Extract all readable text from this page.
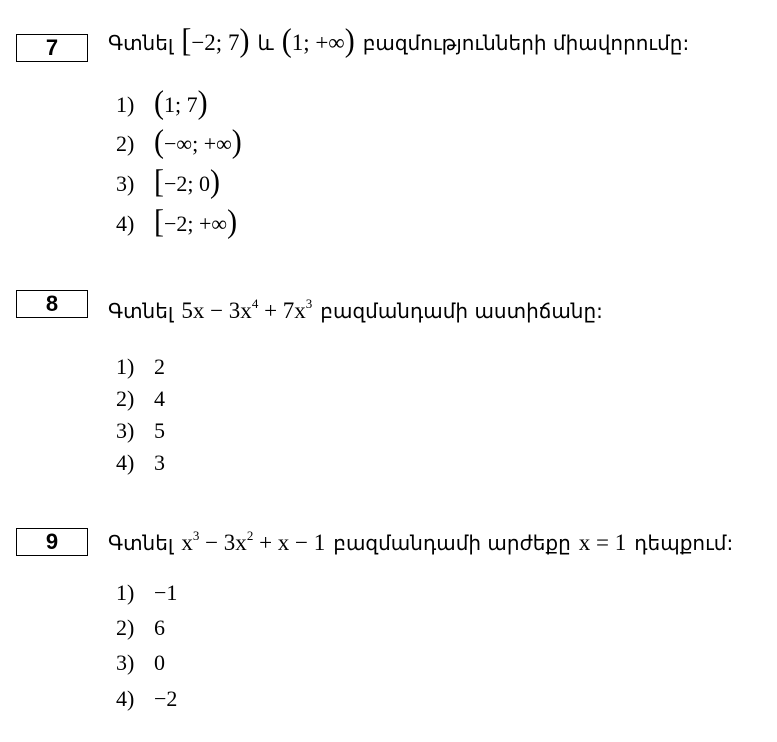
7 Գտնել [−2; 7) և (1; +∞) բազմությունների միավորումը:
1) (1; 7)
2) (−∞; +∞)
3) [−2; 0)
4) [−2; +∞)
8 Գտնել $5x - 3x^4 + 7x^3$ բազմանդամի աստիճանը:
1) 2
2) 4
3) 5
4) 3
9 Գտնել $x^3 - 3x^2 + x - 1$ բազմանդամի արժեքը x = 1 դեպքում:
1) −1
2) 6
3) 0
4) −2
